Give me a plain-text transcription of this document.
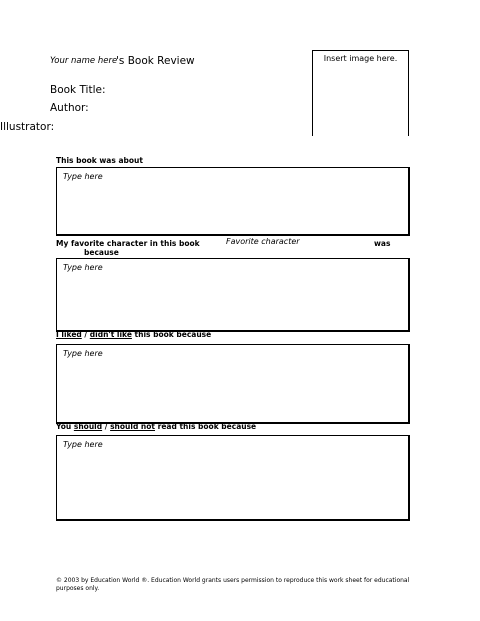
Your name here
's Book Review
Book Title:
Author:
Illustrator:
Insert image here.
This book was about
Type here
My favorite character in this book	Favorite character	was
because
Type here
I liked / didn't like this book because
Type here
You should / should not read this book because
Type here
© 2003 by Education World ®. Education World grants users permission to reproduce this work sheet for educational purposes only.
